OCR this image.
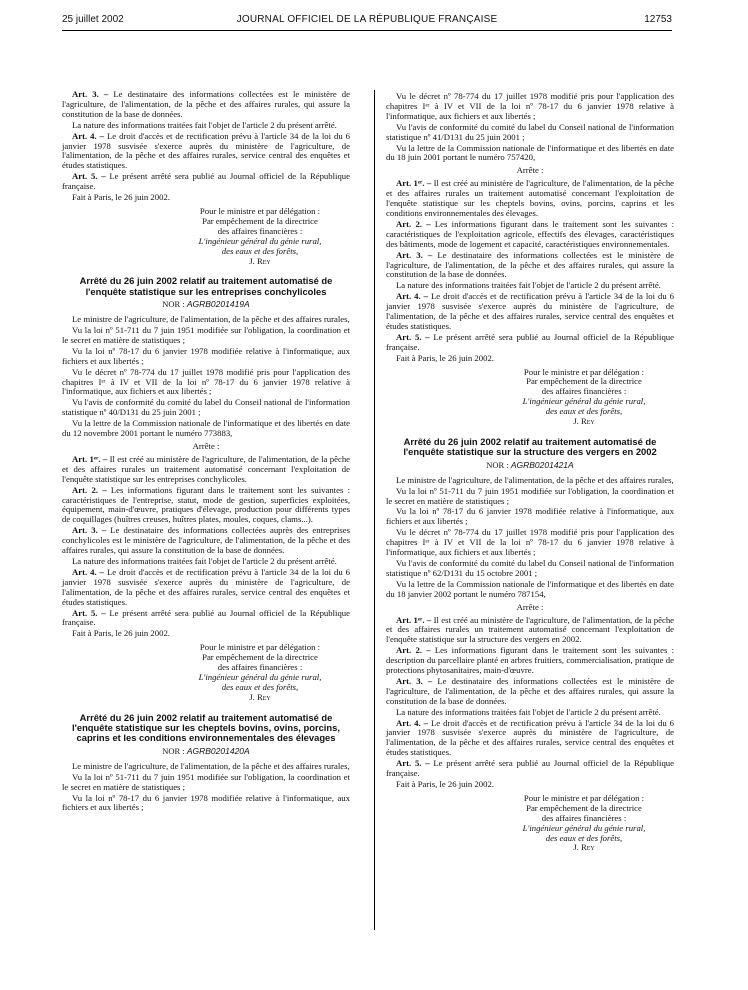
25 juillet 2002	JOURNAL OFFICIEL DE LA RÉPUBLIQUE FRANÇAISE	12753

Art. 3. – Le destinataire des informations collectées est le ministère de l'agriculture, de l'alimentation, de la pêche et des affaires rurales, qui assure la constitution de la base de données.

La nature des informations traitées fait l'objet de l'article 2 du présent arrêté.

Art. 4. – Le droit d'accès et de rectification prévu à l'article 34 de la loi du 6 janvier 1978 susvisée s'exerce auprès du ministère de l'agriculture, de l'alimentation, de la pêche et des affaires rurales, service central des enquêtes et études statistiques.

Art. 5. – Le présent arrêté sera publié au Journal officiel de la République française.

Fait à Paris, le 26 juin 2002.

Pour le ministre et par délégation :
Par empêchement de la directrice
des affaires financières :
L'ingénieur général du génie rural,
des eaux et des forêts,
J. Rey
Arrêté du 26 juin 2002 relatif au traitement automatisé de l'enquête statistique sur les entreprises conchylicoles
NOR : AGRB0201419A

Le ministre de l'agriculture, de l'alimentation, de la pêche et des affaires rurales,

Vu la loi nº 51-711 du 7 juin 1951 modifiée sur l'obligation, la coordination et le secret en matière de statistiques ;

Vu la loi nº 78-17 du 6 janvier 1978 modifiée relative à l'informatique, aux fichiers et aux libertés ;

Vu le décret nº 78-774 du 17 juillet 1978 modifié pris pour l'application des chapitres Iᵉʳ à IV et VII de la loi nº 78-17 du 6 janvier 1978 relative à l'informatique, aux fichiers et aux libertés ;

Vu l'avis de conformité du comité du label du Conseil national de l'information statistique nº 40/D131 du 25 juin 2001 ;

Vu la lettre de la Commission nationale de l'informatique et des libertés en date du 12 novembre 2001 portant le numéro 773883,

Arrête :

Art. 1ᵉʳ. – Il est créé au ministère de l'agriculture, de l'alimentation, de la pêche et des affaires rurales un traitement automatisé concernant l'exploitation de l'enquête statistique sur les entreprises conchylicoles.

Art. 2. – Les informations figurant dans le traitement sont les suivantes : caractéristiques de l'entreprise, statut, mode de gestion, superficies exploitées, équipement, main-d'œuvre, pratiques d'élevage, production pour différents types de coquillages (huîtres creuses, huîtres plates, moules, coques, clams...).

Art. 3. – Le destinataire des informations collectées auprès des entreprises conchylicoles est le ministère de l'agriculture, de l'alimentation, de la pêche et des affaires rurales, qui assure la constitution de la base de données.

La nature des informations traitées fait l'objet de l'article 2 du présent arrêté.

Art. 4. – Le droit d'accès et de rectification prévu à l'article 34 de la loi du 6 janvier 1978 susvisée s'exerce auprès du ministère de l'agriculture, de l'alimentation, de la pêche et des affaires rurales, service central des enquêtes et études statistiques.

Art. 5. – Le présent arrêté sera publié au Journal officiel de la République française.

Fait à Paris, le 26 juin 2002.

Pour le ministre et par délégation :
Par empêchement de la directrice
des affaires financières :
L'ingénieur général du génie rural,
des eaux et des forêts,
J. Rey
Arrêté du 26 juin 2002 relatif au traitement automatisé de l'enquête statistique sur les cheptels bovins, ovins, porcins, caprins et les conditions environnementales des élevages
NOR : AGRB0201420A

Le ministre de l'agriculture, de l'alimentation, de la pêche et des affaires rurales,

Vu la loi nº 51-711 du 7 juin 1951 modifiée sur l'obligation, la coordination et le secret en matière de statistiques ;

Vu la loi nº 78-17 du 6 janvier 1978 modifiée relative à l'informatique, aux fichiers et aux libertés ;

Vu le décret nº 78-774 du 17 juillet 1978 modifié pris pour l'application des chapitres Iᵉʳ à IV et VII de la loi nº 78-17 du 6 janvier 1978 relative à l'informatique, aux fichiers et aux libertés ;

Vu l'avis de conformité du comité du label du Conseil national de l'information statistique nº 41/D131 du 25 juin 2001 ;

Vu la lettre de la Commission nationale de l'informatique et des libertés en date du 18 juin 2001 portant le numéro 757420,

Arrête :

Art. 1ᵉʳ. – Il est créé au ministère de l'agriculture, de l'alimentation, de la pêche et des affaires rurales un traitement automatisé concernant l'exploitation de l'enquête statistique sur les cheptels bovins, ovins, porcins, caprins et les conditions environnementales des élevages.

Art. 2. – Les informations figurant dans le traitement sont les suivantes : caractéristiques de l'exploitation agricole, effectifs des élevages, caractéristiques des bâtiments, mode de logement et capacité, caractéristiques environnementales.

Art. 3. – Le destinataire des informations collectées est le ministère de l'agriculture, de l'alimentation, de la pêche et des affaires rurales, qui assure la constitution de la base de données.

La nature des informations traitées fait l'objet de l'article 2 du présent arrêté.

Art. 4. – Le droit d'accès et de rectification prévu à l'article 34 de la loi du 6 janvier 1978 susvisée s'exerce auprès du ministère de l'agriculture, de l'alimentation, de la pêche et des affaires rurales, service central des enquêtes et études statistiques.

Art. 5. – Le présent arrêté sera publié au Journal officiel de la République française.

Fait à Paris, le 26 juin 2002.

Pour le ministre et par délégation :
Par empêchement de la directrice
des affaires financières :
L'ingénieur général du génie rural,
des eaux et des forêts,
J. Rey
Arrêté du 26 juin 2002 relatif au traitement automatisé de l'enquête statistique sur la structure des vergers en 2002
NOR : AGRB0201421A

Le ministre de l'agriculture, de l'alimentation, de la pêche et des affaires rurales,

Vu la loi nº 51-711 du 7 juin 1951 modifiée sur l'obligation, la coordination et le secret en matière de statistiques ;

Vu la loi nº 78-17 du 6 janvier 1978 modifiée relative à l'informatique, aux fichiers et aux libertés ;

Vu le décret nº 78-774 du 17 juillet 1978 modifié pris pour l'application des chapitres Iᵉʳ à IV et VII de la loi nº 78-17 du 6 janvier 1978 relative à l'informatique, aux fichiers et aux libertés ;

Vu l'avis de conformité du comité du label du Conseil national de l'information statistique nº 62/D131 du 15 octobre 2001 ;

Vu la lettre de la Commission nationale de l'informatique et des libertés en date du 18 janvier 2002 portant le numéro 787154,

Arrête :

Art. 1ᵉʳ. – Il est créé au ministère de l'agriculture, de l'alimentation, de la pêche et des affaires rurales un traitement automatisé concernant l'exploitation de l'enquête statistique sur la structure des vergers en 2002.

Art. 2. – Les informations figurant dans le traitement sont les suivantes : description du parcellaire planté en arbres fruitiers, commercialisation, pratique de protections phytosanitaires, main-d'œuvre.

Art. 3. – Le destinataire des informations collectées est le ministère de l'agriculture, de l'alimentation, de la pêche et des affaires rurales, qui assure la constitution de la base de données.

La nature des informations traitées fait l'objet de l'article 2 du présent arrêté.

Art. 4. – Le droit d'accès et de rectification prévu à l'article 34 de la loi du 6 janvier 1978 susvisée s'exerce auprès du ministère de l'agriculture, de l'alimentation, de la pêche et des affaires rurales, service central des enquêtes et études statistiques.

Art. 5. – Le présent arrêté sera publié au Journal officiel de la République française.

Fait à Paris, le 26 juin 2002.

Pour le ministre et par délégation :
Par empêchement de la directrice
des affaires financières :
L'ingénieur général du génie rural,
des eaux et des forêts,
J. Rey
